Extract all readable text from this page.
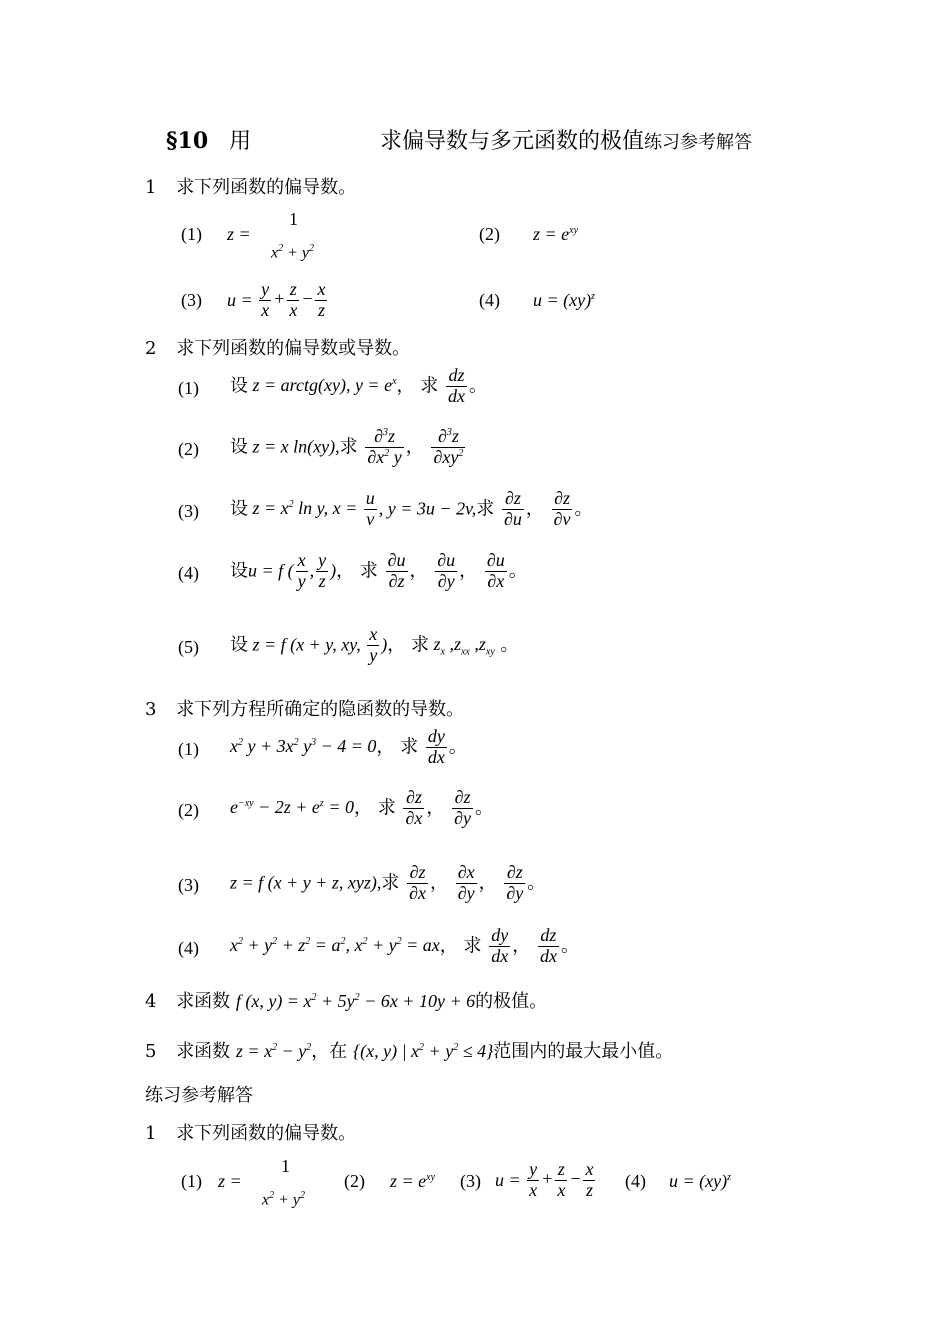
§10 用	求偏导数与多元函数的极值练习参考解答
1 求下列函数的偏导数。
(1) z =
1
$x^2 + y^2$
(2) $z = e^{xy}$
(3) $u = \frac{y}{x} + \frac{z}{x} - \frac{x}{z}$	(4) u = (xy)$^z$
2 求下列函数的偏导数或导数。
(1) 设 z = arctg(xy), $y = e^x$， 求 $\frac{dz}{dx}$ 。
(2) 设 z = x ln(xy),求 $\frac{\partial^3z}{\partial x^2 y}$ ， $\frac{\partial^3z}{\partial xy^2}$
(3) 设 $z = x^2$ ln y, $x = \frac{u}{v}$ , y = 3u − 2v,求 $\frac{\partial z}{\partial u}$ ， $\frac{\partial z}{\partial v}$ 。
(4) 设u = f ( $\frac{x}{y}$ , $\frac{y}{z}$ )， 求 $\frac{\partial u}{\partial z}$ ， $\frac{\partial u}{\partial y}$ ， $\frac{\partial u}{\partial x}$ 。
(5) 设 z = f (x + y, xy, $\frac{x}{y}$ )， 求 $z_x$ $,z_{xx}$ $,z_{xy}$ 。
3 求下列方程所确定的隐函数的导数。
(1) $x^2$ $y + 3x^2$ $y^3 - 4 = 0$， 求 $\frac{dy}{dx}$ 。
(2) $e^{-xy} - 2z + e^z = 0$， 求 $\frac{\partial z}{\partial x}$ ， $\frac{\partial z}{\partial y}$ 。
(3) z = f (x + y + z, xyz),求 $\frac{\partial z}{\partial x}$ ， $\frac{\partial x}{\partial y}$ ， $\frac{\partial z}{\partial y}$ 。
(4) $x^2 + y^2 + z^2 = a^2$, $x^2 + y^2$ = ax， 求 $\frac{dy}{dx}$ ， $\frac{dz}{dx}$ 。
4 求函数 f (x, $y) = x^2 + 5y^2 - 6x + 10y + 6$的极值。
5 求函数 $z = x^2 - y^2$，在 {(x, y) | $x^2 + y^2 \le 4$}范围内的最大最小值。
练习参考解答
1 求下列函数的偏导数。
(1) z =
1
$x^2 + y^2$
(2) $z = e^{xy}$ (3) $u = \frac{y}{x} + \frac{z}{x} - \frac{x}{z} (4) u = (xy)^z$
